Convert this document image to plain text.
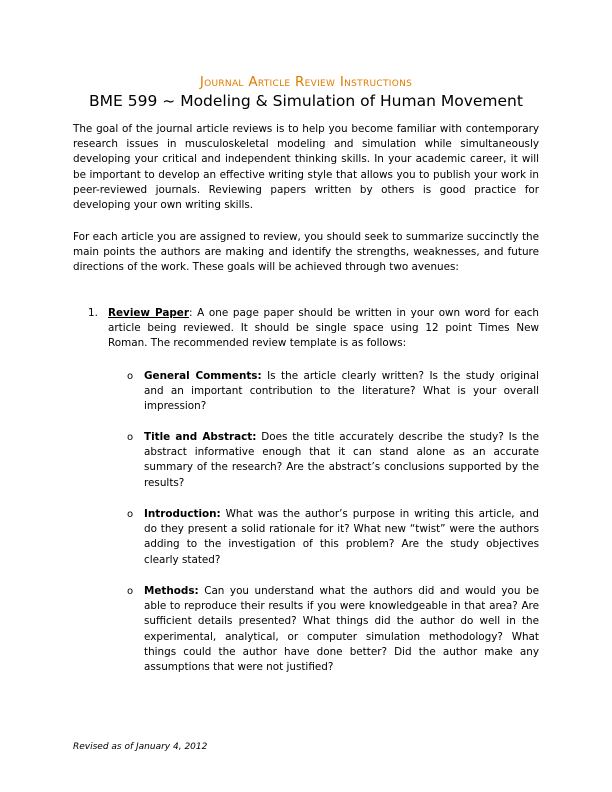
Journal Article Review Instructions
BME 599 ~ Modeling & Simulation of Human Movement

The goal of the journal article reviews is to help you become familiar with contemporary research issues in musculoskeletal modeling and simulation while simultaneously developing your critical and independent thinking skills. In your academic career, it will be important to develop an effective writing style that allows you to publish your work in peer-reviewed journals. Reviewing papers written by others is good practice for developing your own writing skills.

For each article you are assigned to review, you should seek to summarize succinctly the main points the authors are making and identify the strengths, weaknesses, and future directions of the work. These goals will be achieved through two avenues:

1. Review Paper: A one page paper should be written in your own word for each article being reviewed. It should be single space using 12 point Times New Roman. The recommended review template is as follows:

o General Comments: Is the article clearly written? Is the study original and an important contribution to the literature? What is your overall impression?

o Title and Abstract: Does the title accurately describe the study? Is the abstract informative enough that it can stand alone as an accurate summary of the research? Are the abstract’s conclusions supported by the results?

o Introduction: What was the author’s purpose in writing this article, and do they present a solid rationale for it? What new “twist” were the authors adding to the investigation of this problem? Are the study objectives clearly stated?

o Methods: Can you understand what the authors did and would you be able to reproduce their results if you were knowledgeable in that area? Are sufficient details presented? What things did the author do well in the experimental, analytical, or computer simulation methodology? What things could the author have done better? Did the author make any assumptions that were not justified?

Revised as of January 4, 2012
